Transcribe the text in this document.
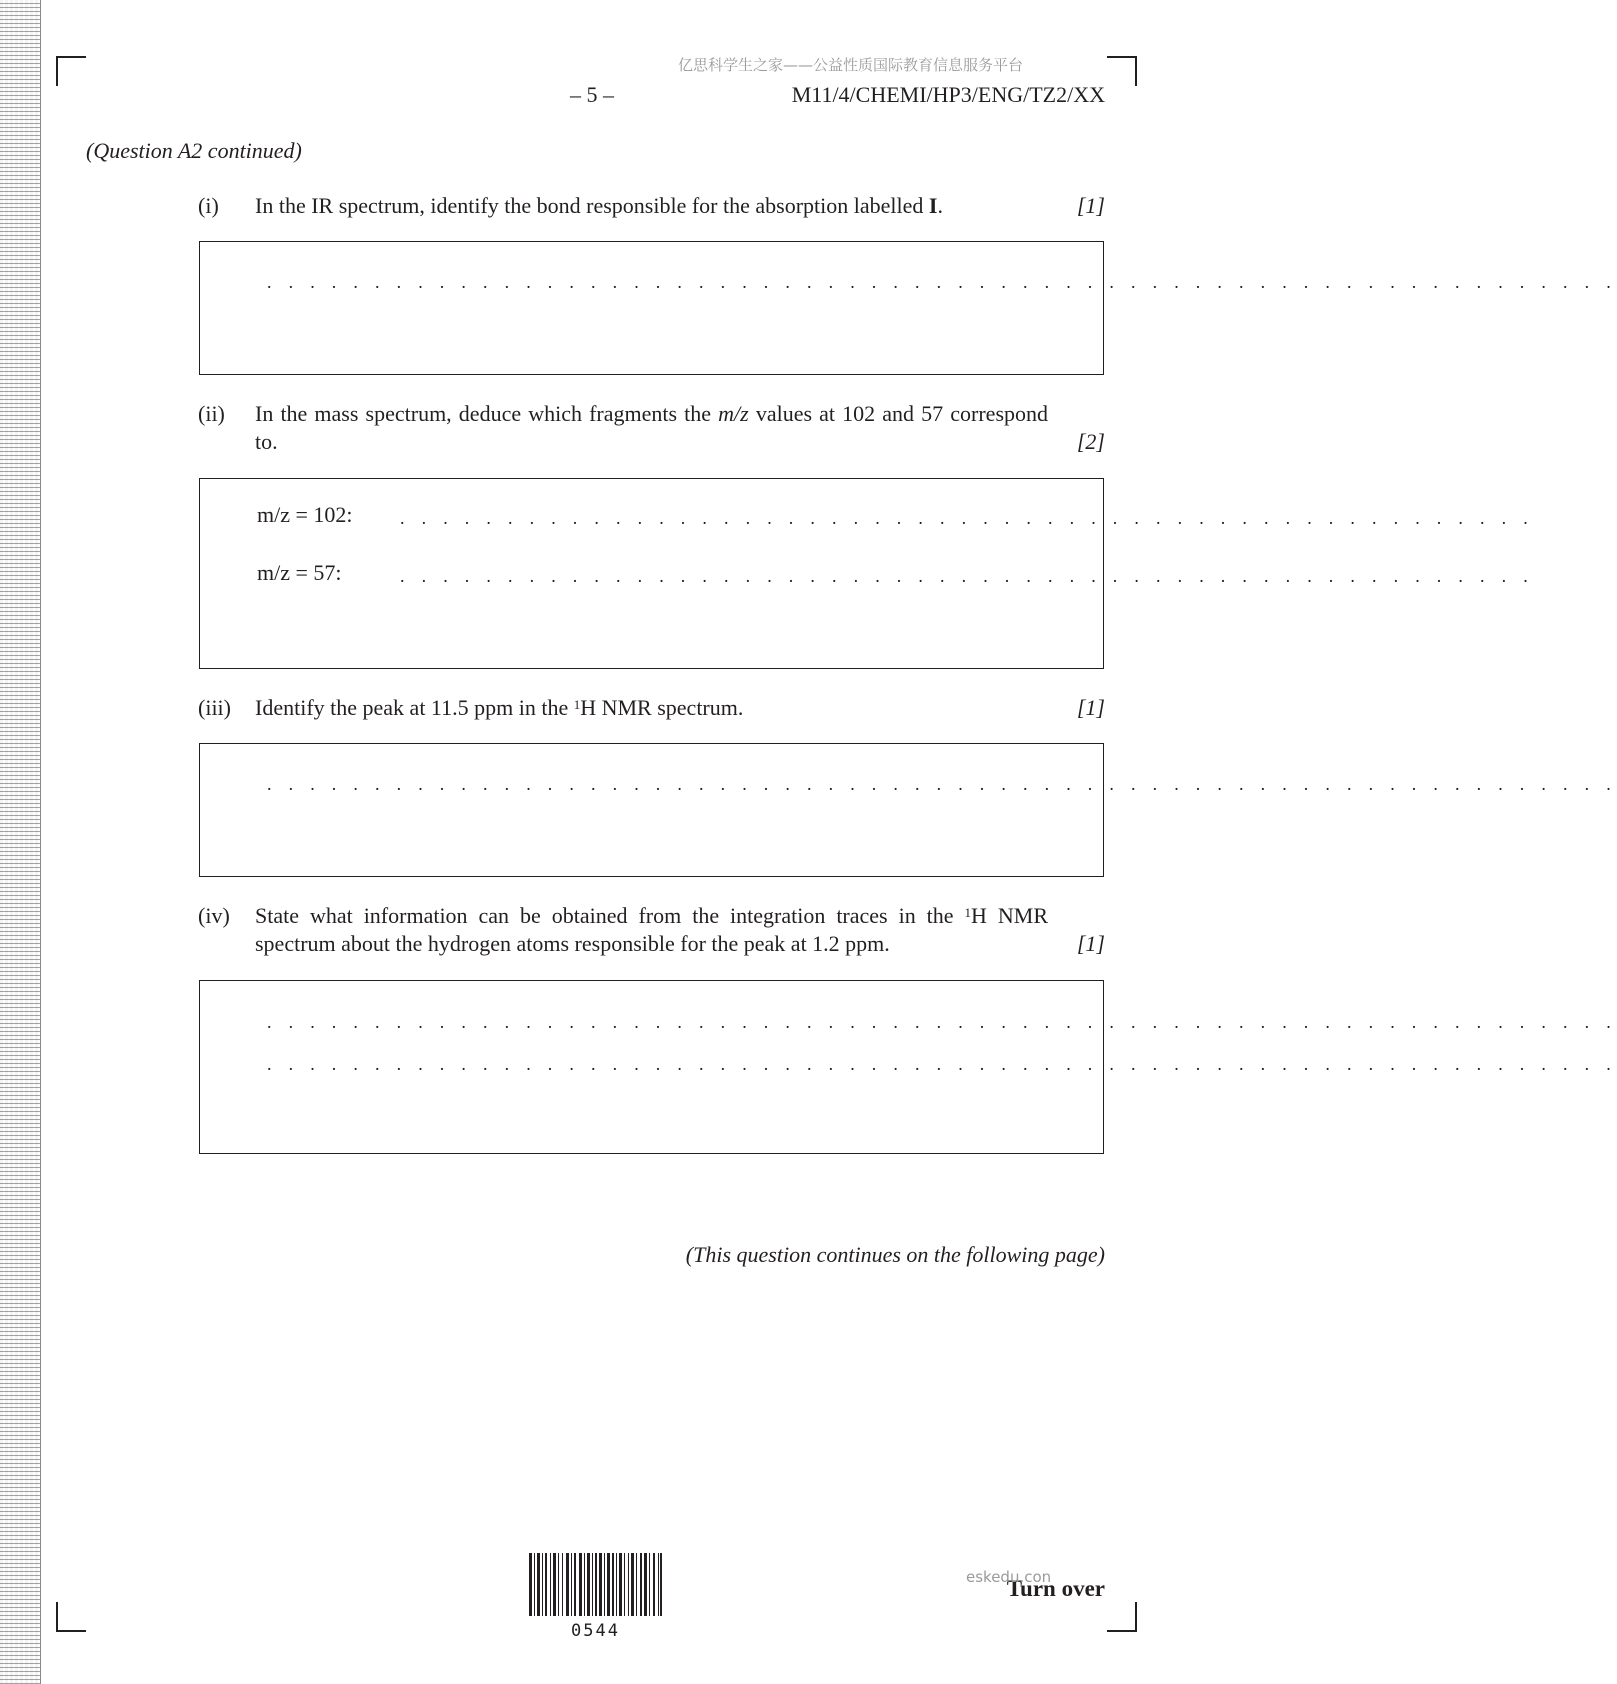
亿思科学生之家——公益性质国际教育信息服务平台
– 5 –	M11/4/CHEMI/HP3/ENG/TZ2/XX
(Question A2 continued)
(i) In the IR spectrum, identify the bond responsible for the absorption labelled I.	[1]
. . . . . . . . . . . . . . . . . . . . . . . . . . . . . . . . . . . . . . . . . . . . . . . . . . . . . . . . . . . . . . .
(ii) In the mass spectrum, deduce which fragments the m/z values at 102 and 57 correspond to.	[2]
m/z = 102:	. . . . . . . . . . . . . . . . . . . . . . . . . . . . . . . . . . . . . . . . . . . . . . . . . . . . .
m/z = 57:	. . . . . . . . . . . . . . . . . . . . . . . . . . . . . . . . . . . . . . . . . . . . . . . . . . . . .
(iii) Identify the peak at 11.5 ppm in the $^1$H NMR spectrum.	[1]
. . . . . . . . . . . . . . . . . . . . . . . . . . . . . . . . . . . . . . . . . . . . . . . . . . . . . . . . . . . . . . .
(iv) State what information can be obtained from the integration traces in the $^1$H NMR spectrum about the hydrogen atoms responsible for the peak at 1.2 ppm.	[1]
. . . . . . . . . . . . . . . . . . . . . . . . . . . . . . . . . . . . . . . . . . . . . . . . . . . . . . . . . . . . . . .
. . . . . . . . . . . . . . . . . . . . . . . . . . . . . . . . . . . . . . . . . . . . . . . . . . . . . . . . . . . . . . .
(This question continues on the following page)
0544
Turn over
eskedu.con
